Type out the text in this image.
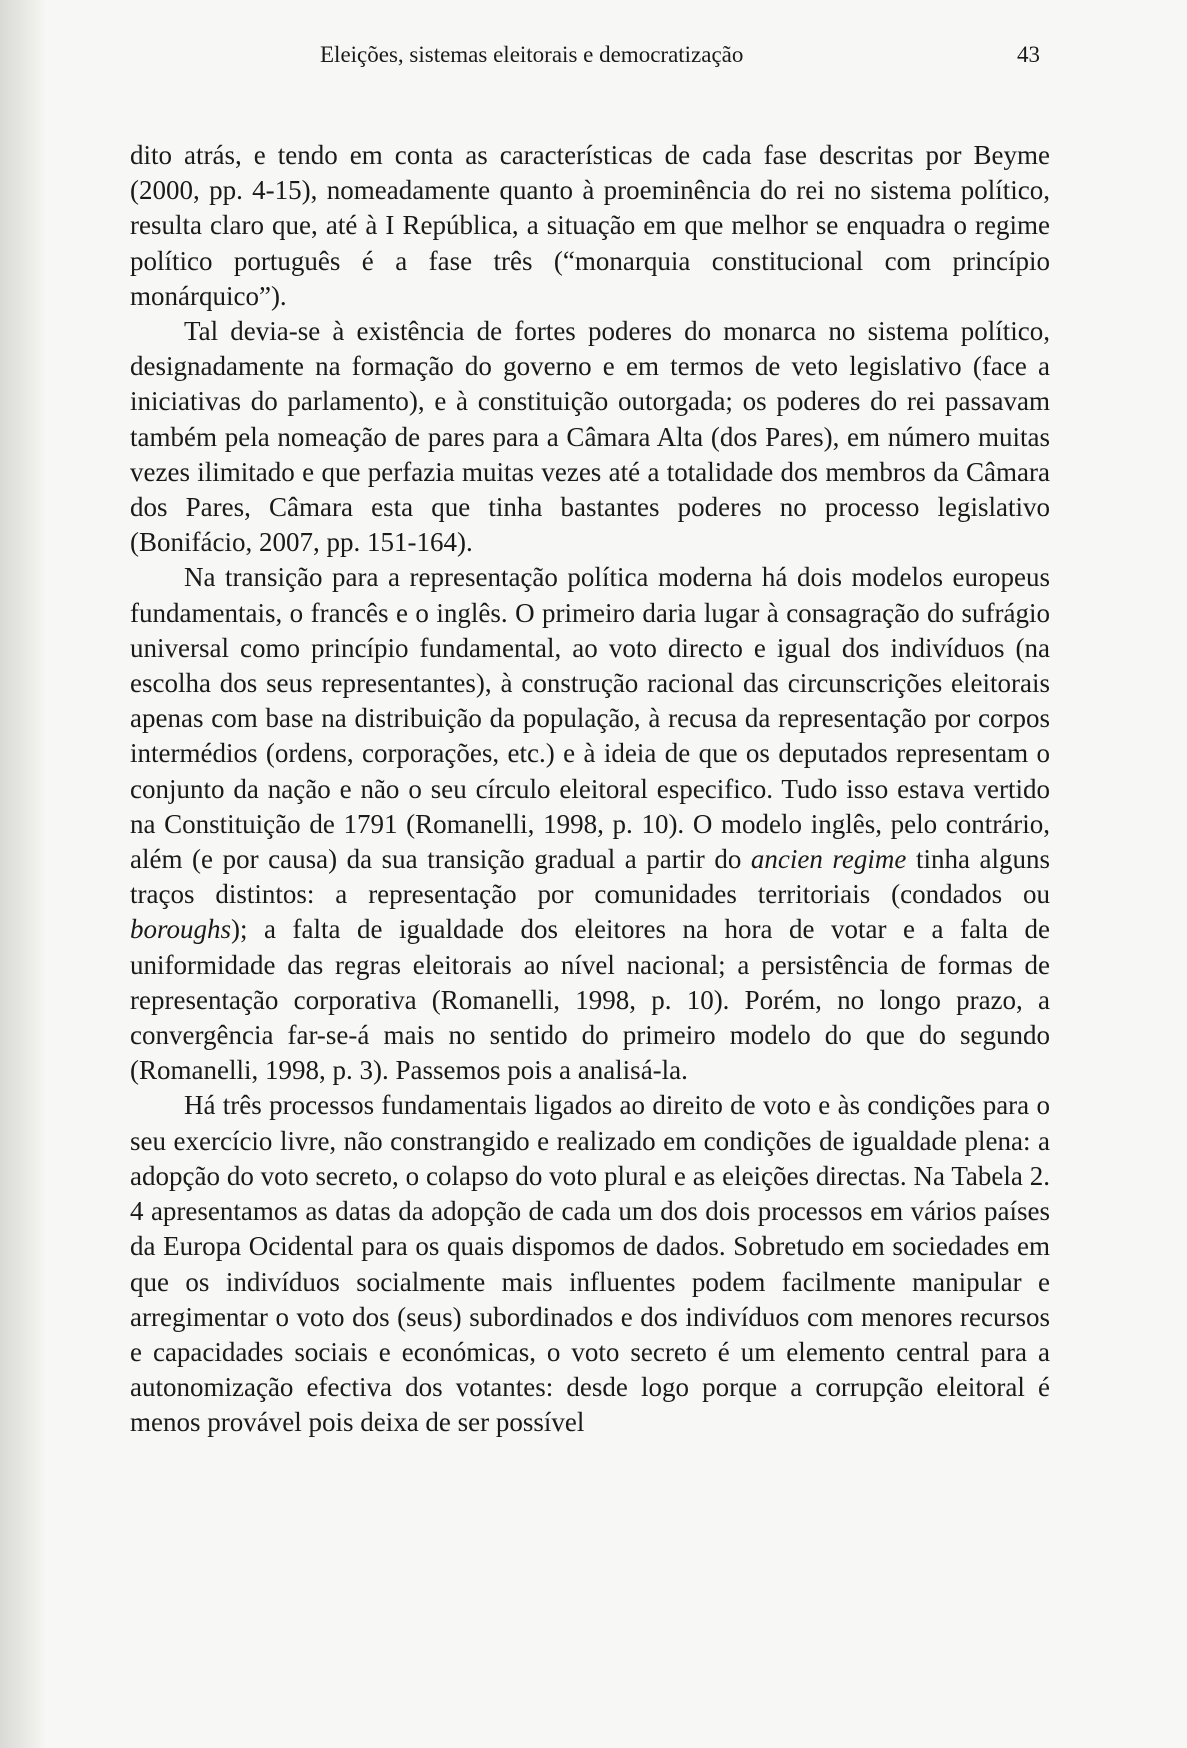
Eleições, sistemas eleitorais e democratização	43

dito atrás, e tendo em conta as características de cada fase descritas por Beyme (2000, pp. 4-15), nomeadamente quanto à proeminência do rei no sistema político, resulta claro que, até à I República, a situação em que melhor se enquadra o regime político português é a fase três (“monarquia constitucional com princípio monárquico”).

Tal devia-se à existência de fortes poderes do monarca no sistema político, designadamente na formação do governo e em termos de veto legislativo (face a iniciativas do parlamento), e à constituição outorgada; os poderes do rei passavam também pela nomeação de pares para a Câmara Alta (dos Pares), em número muitas vezes ilimitado e que perfazia muitas vezes até a totalidade dos membros da Câmara dos Pares, Câmara esta que tinha bastantes poderes no processo legislativo (Bonifácio, 2007, pp. 151-164).

Na transição para a representação política moderna há dois modelos europeus fundamentais, o francês e o inglês. O primeiro daria lugar à consagração do sufrágio universal como princípio fundamental, ao voto directo e igual dos indivíduos (na escolha dos seus representantes), à construção racional das circunscrições eleitorais apenas com base na distribuição da população, à recusa da representação por corpos intermédios (ordens, corporações, etc.) e à ideia de que os deputados representam o conjunto da nação e não o seu círculo eleitoral especifico. Tudo isso estava vertido na Constituição de 1791 (Romanelli, 1998, p. 10). O modelo inglês, pelo contrário, além (e por causa) da sua transição gradual a partir do ancien regime tinha alguns traços distintos: a representação por comunidades territoriais (condados ou boroughs); a falta de igualdade dos eleitores na hora de votar e a falta de uniformidade das regras eleitorais ao nível nacional; a persistência de formas de representação corporativa (Romanelli, 1998, p. 10). Porém, no longo prazo, a convergência far-se-á mais no sentido do primeiro modelo do que do segundo (Romanelli, 1998, p. 3). Passemos pois a analisá-la.

Há três processos fundamentais ligados ao direito de voto e às condições para o seu exercício livre, não constrangido e realizado em condições de igualdade plena: a adopção do voto secreto, o colapso do voto plural e as eleições directas. Na Tabela 2. 4 apresentamos as datas da adopção de cada um dos dois processos em vários países da Europa Ocidental para os quais dispomos de dados. Sobretudo em sociedades em que os indivíduos socialmente mais influentes podem facilmente manipular e arregimentar o voto dos (seus) subordinados e dos indivíduos com menores recursos e capacidades sociais e económicas, o voto secreto é um elemento central para a autonomização efectiva dos votantes: desde logo porque a corrupção eleitoral é menos provável pois deixa de ser possível
